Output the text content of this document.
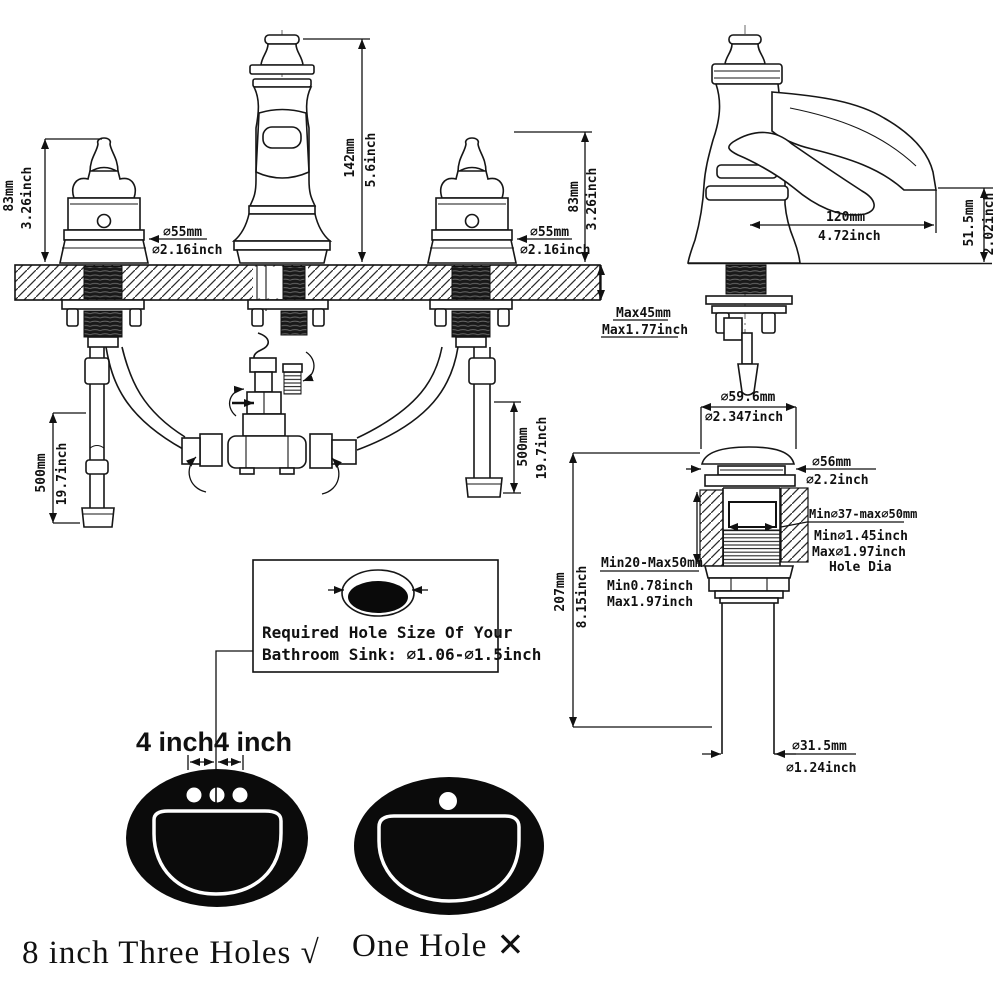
83mm 3.26inch
142mm 5.6inch
83mm 3.26inch
⌀55mm
⌀2.16inch
⌀55mm
⌀2.16inch
Max45mm
Max1.77inch
500mm 19.7inch	500mm 19.7inch
120mm
4.72inch	51.5mm 2.02inch
⌀59.6mm
⌀2.347inch
⌀56mm
⌀2.2inch
Min20-Max50mm
Min0.78inch
Max1.97inch
Min⌀37-max⌀50mm
Min⌀1.45inch
Max⌀1.97inch
Hole Dia
207mm 8.15inch
⌀31.5mm
⌀1.24inch
Required Hole Size Of Your
Bathroom Sink: ⌀1.06-⌀1.5inch
4 inch 4 inch
8 inch Three Holes √ One Hole ✕
